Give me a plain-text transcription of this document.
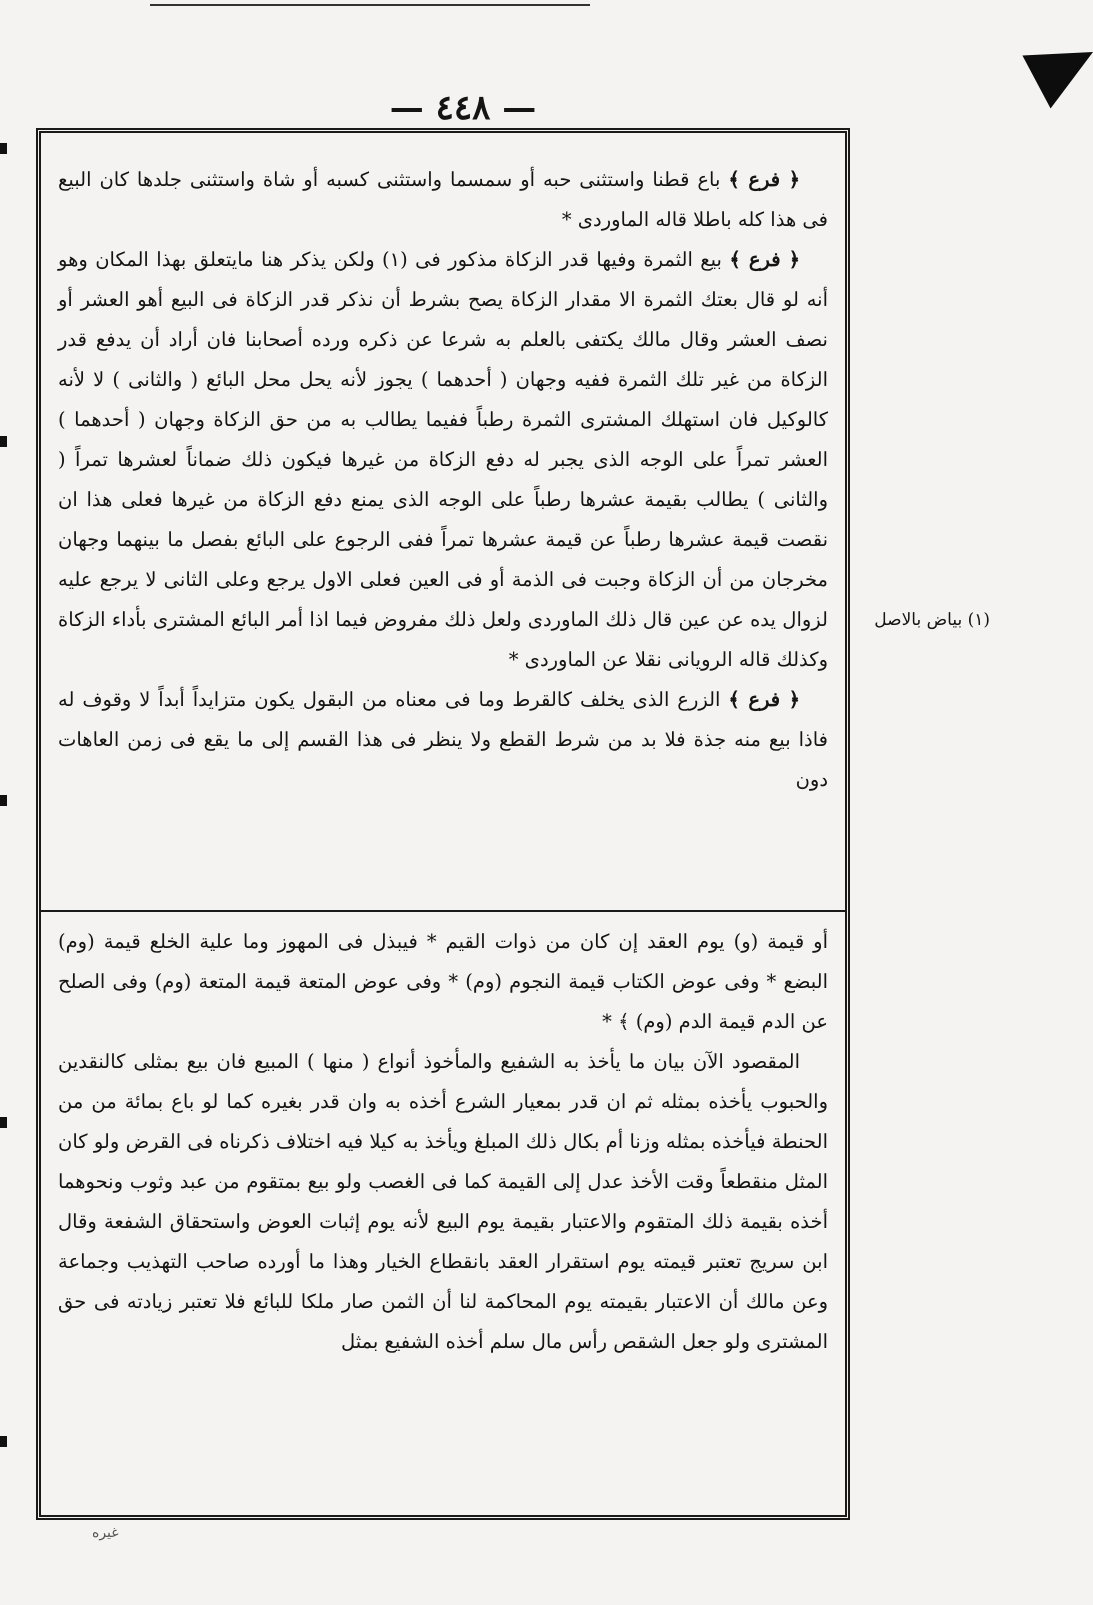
— ٤٤٨ —

﴿ فرع ﴾ باع قطنا واستثنى حبه أو سمسما واستثنى كسبه أو شاة واستثنى جلدها كان البيع فى هذا كله باطلا قاله الماوردى *

﴿ فرع ﴾ بيع الثمرة وفيها قدر الزكاة مذكور فى (١) ولكن يذكر هنا مايتعلق بهذا المكان وهو أنه لو قال بعتك الثمرة الا مقدار الزكاة يصح بشرط أن نذكر قدر الزكاة فى البيع أهو العشر أو نصف العشر وقال مالك يكتفى بالعلم به شرعا عن ذكره ورده أصحابنا فان أراد أن يدفع قدر الزكاة من غير تلك الثمرة ففيه وجهان ( أحدهما ) يجوز لأنه يحل محل البائع ( والثانى ) لا لأنه كالوكيل فان استهلك المشترى الثمرة رطباً ففيما يطالب به من حق الزكاة وجهان ( أحدهما ) العشر تمراً على الوجه الذى يجبر له دفع الزكاة من غيرها فيكون ذلك ضماناً لعشرها تمراً ( والثانى ) يطالب بقيمة عشرها رطباً على الوجه الذى يمنع دفع الزكاة من غيرها فعلى هذا ان نقصت قيمة عشرها رطباً عن قيمة عشرها تمراً ففى الرجوع على البائع بفصل ما بينهما وجهان مخرجان من أن الزكاة وجبت فى الذمة أو فى العين فعلى الاول يرجع وعلى الثانى لا يرجع عليه لزوال يده عن عين قال ذلك الماوردى ولعل ذلك مفروض فيما اذا أمر البائع المشترى بأداء الزكاة وكذلك قاله الرويانى نقلا عن الماوردى *

﴿ فرع ﴾ الزرع الذى يخلف كالقرط وما فى معناه من البقول يكون متزايداً أبداً لا وقوف له فاذا بيع منه جذة فلا بد من شرط القطع ولا ينظر فى هذا القسم إلى ما يقع فى زمن العاهات دون

(١) بياض بالاصل

أو قيمة (و) يوم العقد إن كان من ذوات القيم * فيبذل فى المهوز وما علية الخلع قيمة (وم) البضع * وفى عوض الكتاب قيمة النجوم (وم) * وفى عوض المتعة قيمة المتعة (وم) وفى الصلح عن الدم قيمة الدم (وم) ﴾ *

المقصود الآن بيان ما يأخذ به الشفيع والمأخوذ أنواع ( منها ) المبيع فان بيع بمثلى كالنقدين والحبوب يأخذه بمثله ثم ان قدر بمعيار الشرع أخذه به وان قدر بغيره كما لو باع بمائة من من الحنطة فيأخذه بمثله وزنا أم بكال ذلك المبلغ ويأخذ به كيلا فيه اختلاف ذكرناه فى القرض ولو كان المثل منقطعاً وقت الأخذ عدل إلى القيمة كما فى الغصب ولو بيع بمتقوم من عبد وثوب ونحوهما أخذه بقيمة ذلك المتقوم والاعتبار بقيمة يوم البيع لأنه يوم إثبات العوض واستحقاق الشفعة وقال ابن سريج تعتبر قيمته يوم استقرار العقد بانقطاع الخيار وهذا ما أورده صاحب التهذيب وجماعة وعن مالك أن الاعتبار بقيمته يوم المحاكمة لنا أن الثمن صار ملكا للبائع فلا تعتبر زيادته فى حق المشترى ولو جعل الشقص رأس مال سلم أخذه الشفيع بمثل

غيره
